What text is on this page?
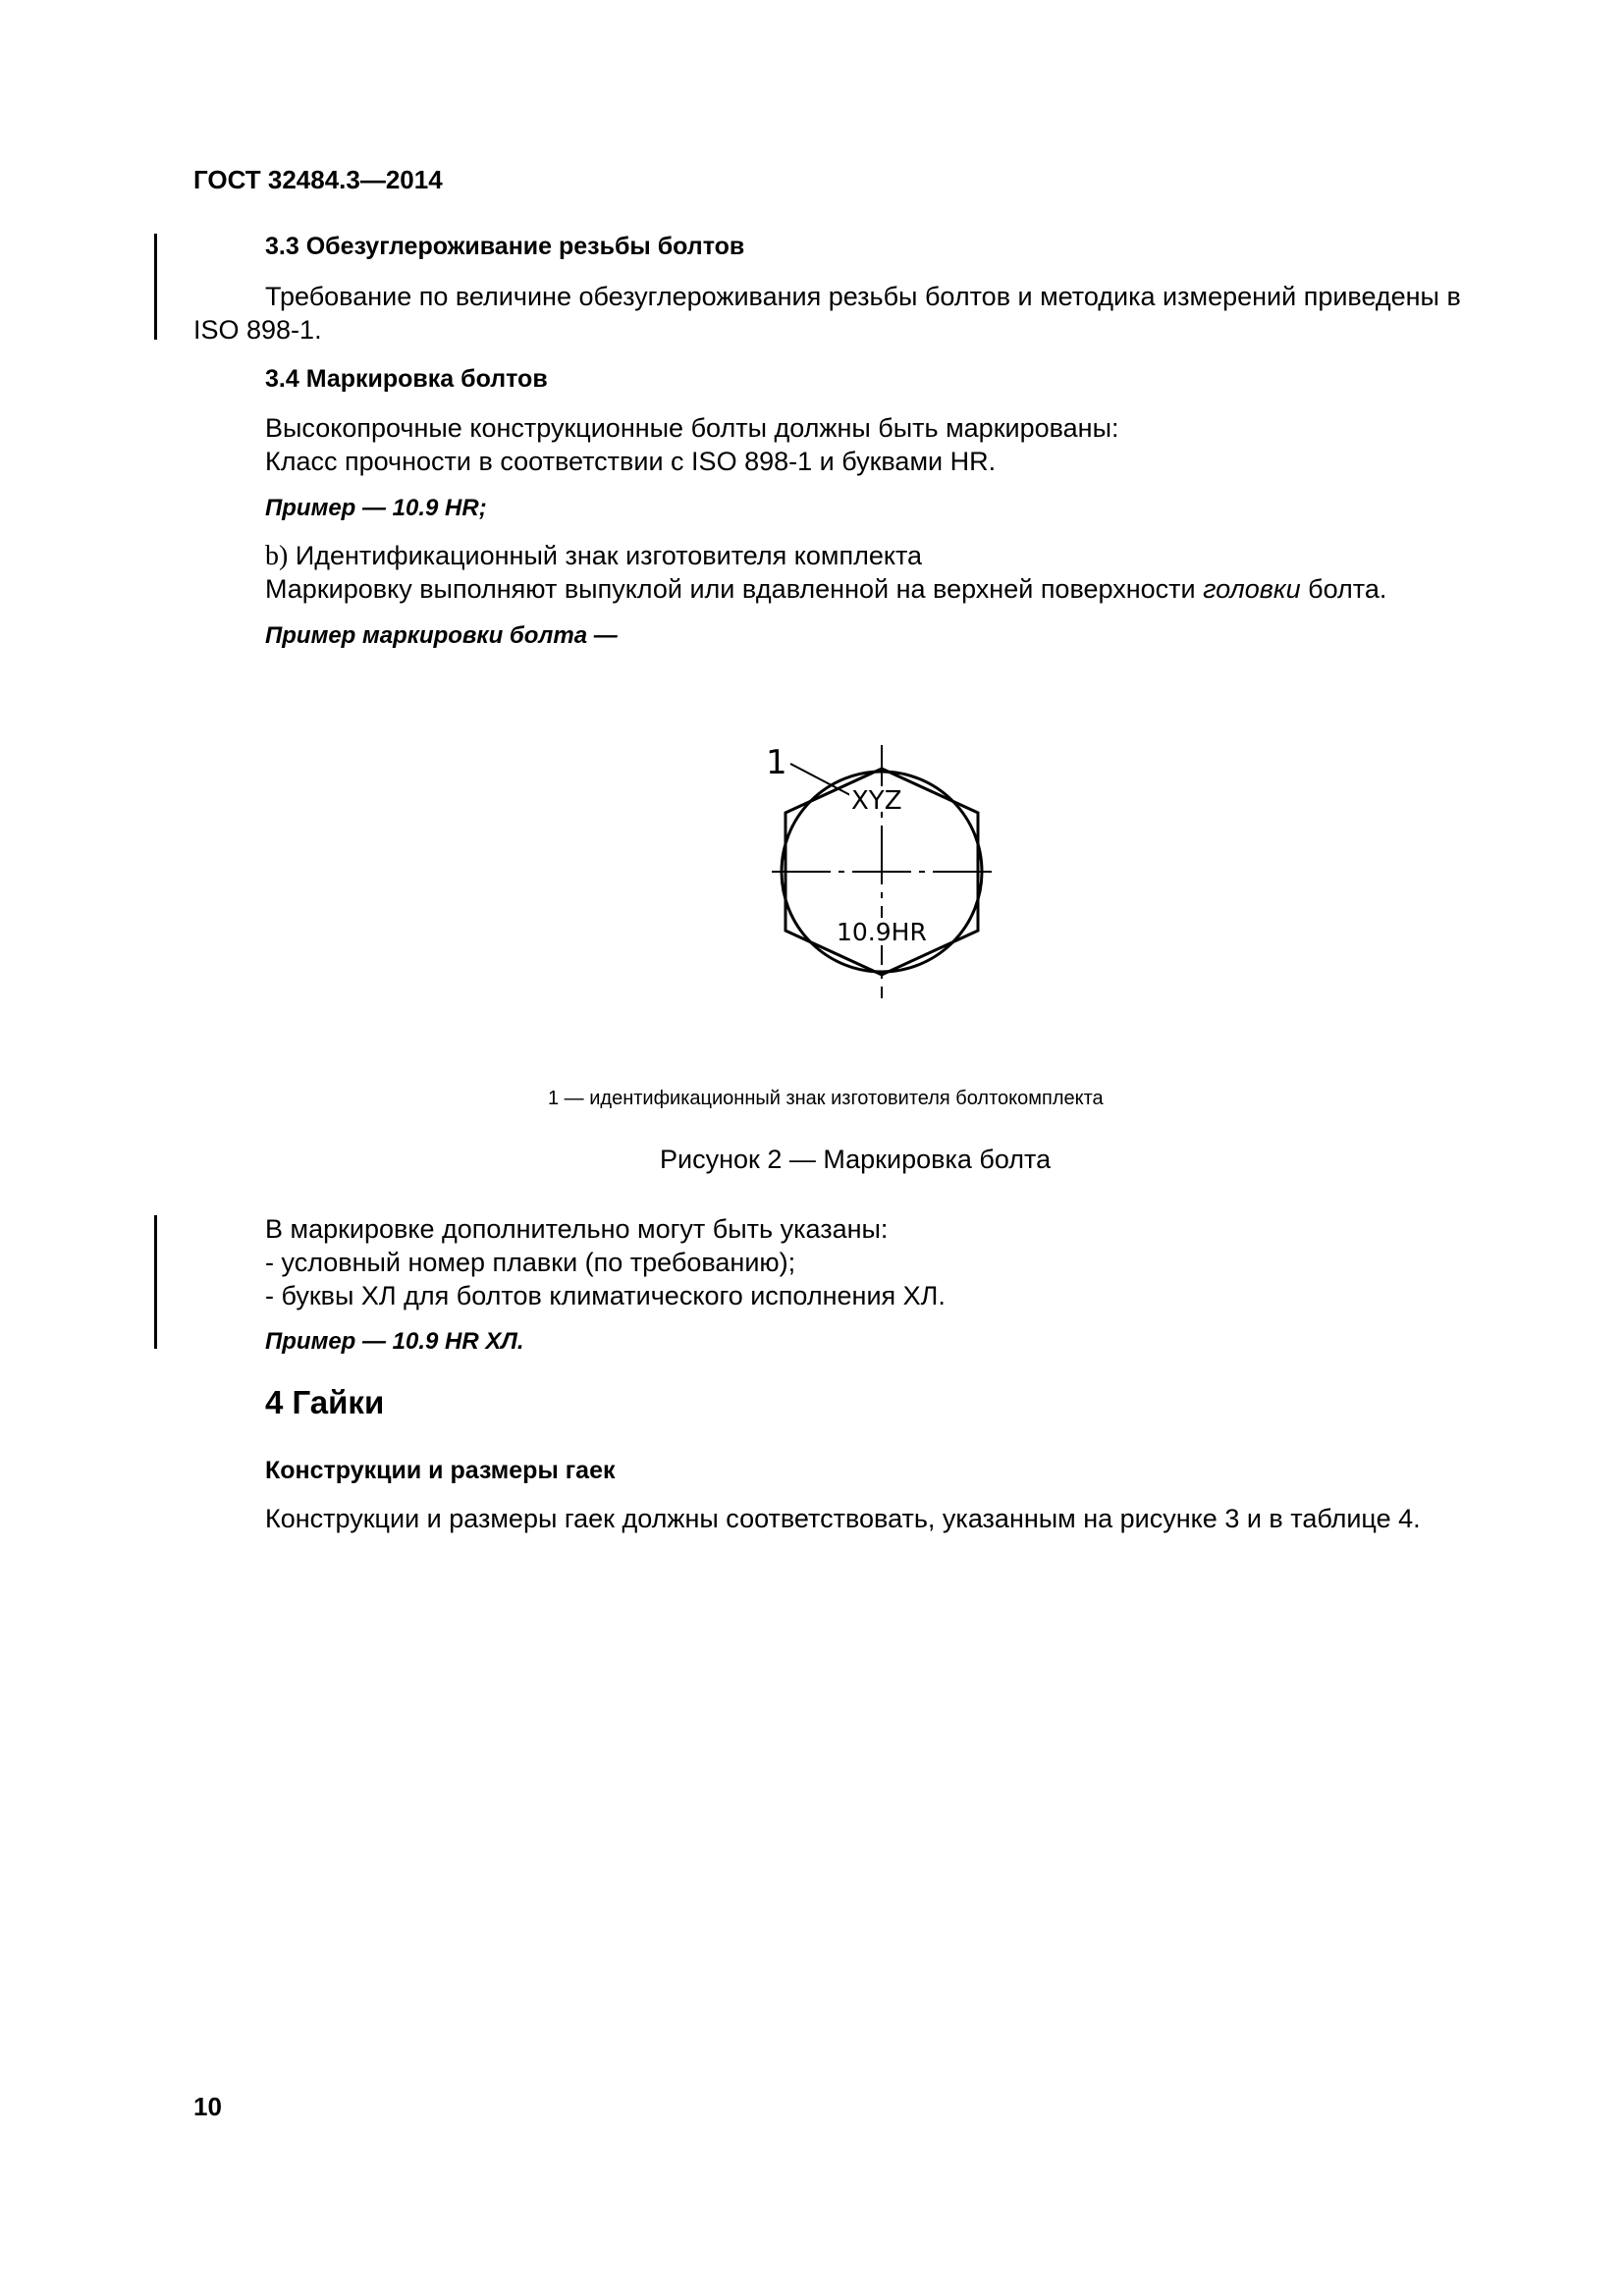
ГОСТ 32484.3—2014
3.3 Обезуглероживание резьбы болтов
Требование по величине обезуглероживания резьбы болтов и методика измерений приведены в
ISO 898-1.
3.4 Маркировка болтов
Высокопрочные конструкционные болты должны быть маркированы:
Класс прочности в соответствии с ISO 898-1 и буквами HR.
Пример — 10.9 HR;
b) Идентификационный знак изготовителя комплекта
Маркировку выполняют выпуклой или вдавленной на верхней поверхности головки болта.
Пример маркировки болта —
1
XYZ
10.9HR
1 — идентификационный знак изготовителя болтокомплекта
Рисунок 2 — Маркировка болта
В маркировке дополнительно могут быть указаны:
- условный номер плавки (по требованию);
- буквы ХЛ для болтов климатического исполнения ХЛ.
Пример — 10.9 HR ХЛ.
4 Гайки
Конструкции и размеры гаек
Конструкции и размеры гаек должны соответствовать, указанным на рисунке 3 и в таблице 4.
10
